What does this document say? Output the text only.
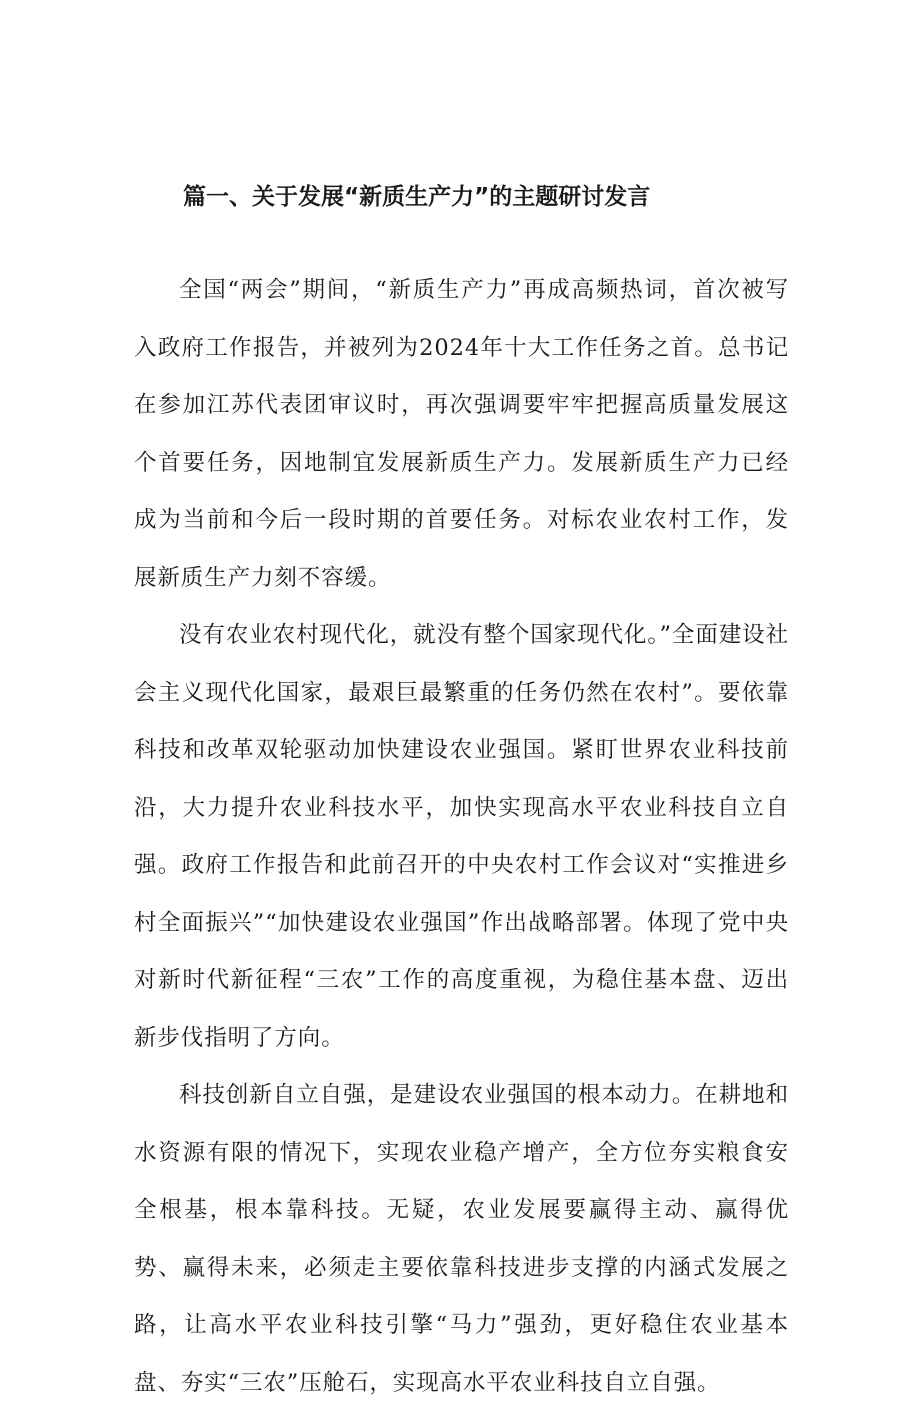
篇一、关于发展“新质生产力”的主题研讨发言

全国“两会”期间，“新质生产力”再成高频热词，首次被写入政府工作报告，并被列为2024年十大工作任务之首。总书记在参加江苏代表团审议时，再次强调要牢牢把握高质量发展这个首要任务，因地制宜发展新质生产力。发展新质生产力已经成为当前和今后一段时期的首要任务。对标农业农村工作，发展新质生产力刻不容缓。

没有农业农村现代化，就没有整个国家现代化。”全面建设社会主义现代化国家，最艰巨最繁重的任务仍然在农村”。要依靠科技和改革双轮驱动加快建设农业强国。紧盯世界农业科技前沿，大力提升农业科技水平，加快实现高水平农业科技自立自强。政府工作报告和此前召开的中央农村工作会议对“实推进乡村全面振兴”“加快建设农业强国”作出战略部署。体现了党中央对新时代新征程“三农”工作的高度重视，为稳住基本盘、迈出新步伐指明了方向。

科技创新自立自强，是建设农业强国的根本动力。在耕地和水资源有限的情况下，实现农业稳产增产，全方位夯实粮食安全根基，根本靠科技。无疑，农业发展要赢得主动、赢得优势、赢得未来，必须走主要依靠科技进步支撑的内涵式发展之路，让高水平农业科技引擎“马力”强劲，更好稳住农业基本盘、夯实“三农”压舱石，实现高水平农业科技自立自强。
